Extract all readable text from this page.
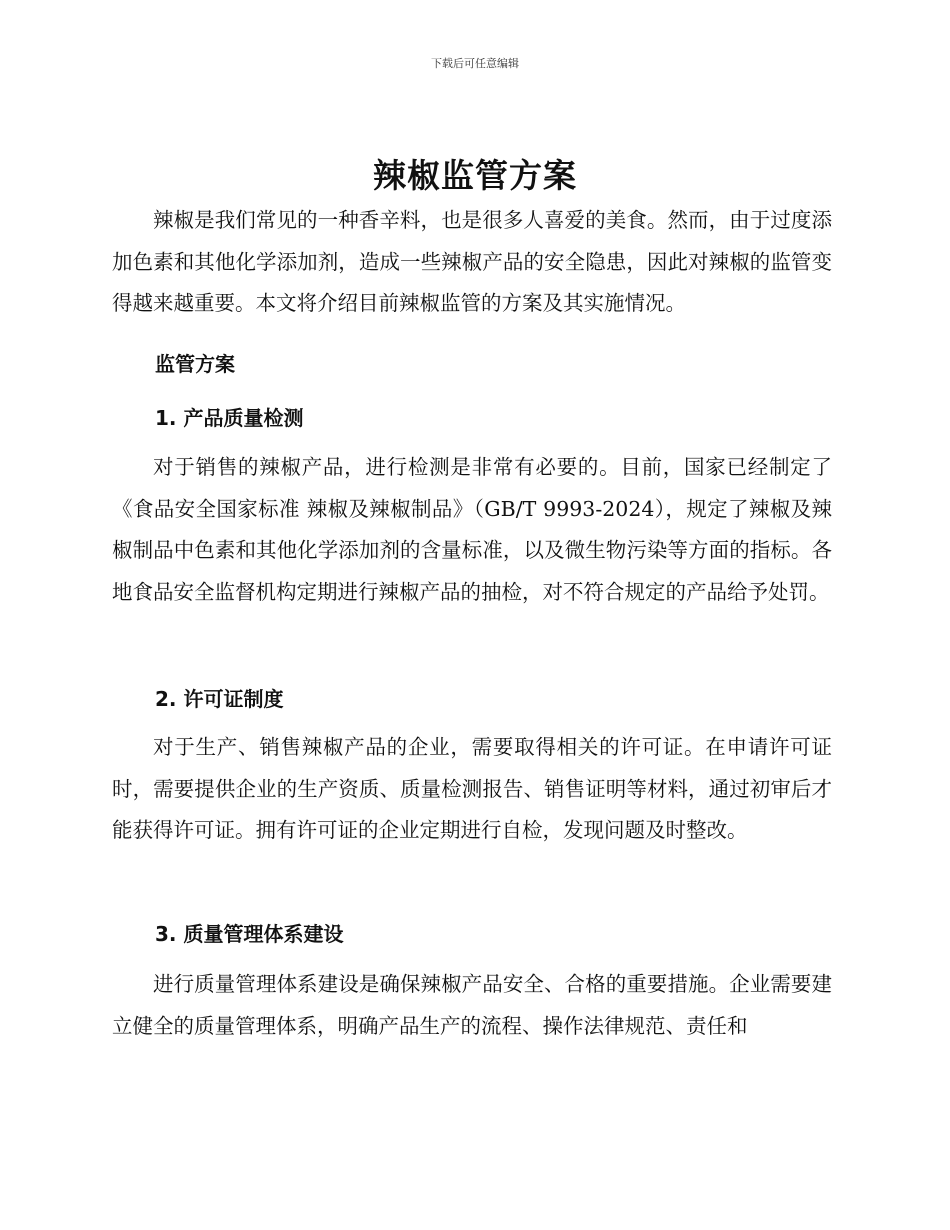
下载后可任意编辑
辣椒监管方案

辣椒是我们常见的一种香辛料，也是很多人喜爱的美食。然而，由于过度添加色素和其他化学添加剂，造成一些辣椒产品的安全隐患，因此对辣椒的监管变得越来越重要。本文将介绍目前辣椒监管的方案及其实施情况。

监管方案
1. 产品质量检测

对于销售的辣椒产品，进行检测是非常有必要的。目前，国家已经制定了《食品安全国家标准 辣椒及辣椒制品》（GB/T 9993-2024），规定了辣椒及辣椒制品中色素和其他化学添加剂的含量标准，以及微生物污染等方面的指标。各地食品安全监督机构定期进行辣椒产品的抽检，对不符合规定的产品给予处罚。

2. 许可证制度

对于生产、销售辣椒产品的企业，需要取得相关的许可证。在申请许可证时，需要提供企业的生产资质、质量检测报告、销售证明等材料，通过初审后才能获得许可证。拥有许可证的企业定期进行自检，发现问题及时整改。

3. 质量管理体系建设

进行质量管理体系建设是确保辣椒产品安全、合格的重要措施。企业需要建立健全的质量管理体系，明确产品生产的流程、操作法律规范、责任和
